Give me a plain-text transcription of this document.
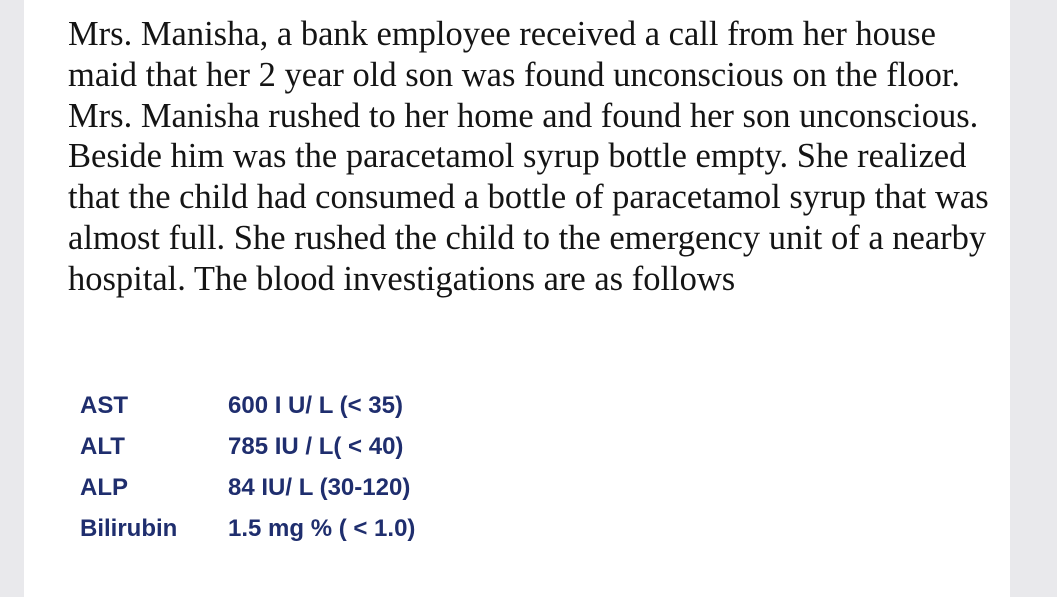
Mrs. Manisha, a bank employee received a call from her house maid that her 2 year old son was found unconscious on the floor. Mrs. Manisha rushed to her home and found her son unconscious. Beside him was the paracetamol syrup bottle empty. She realized that the child had consumed a bottle of paracetamol syrup that was almost full. She rushed the child to the emergency unit of a nearby hospital. The blood investigations are as follows

AST	600 I U/ L (< 35)
ALT	785 IU / L( < 40)
ALP	84 IU/ L (30-120)
Bilirubin	1.5 mg % ( < 1.0)
